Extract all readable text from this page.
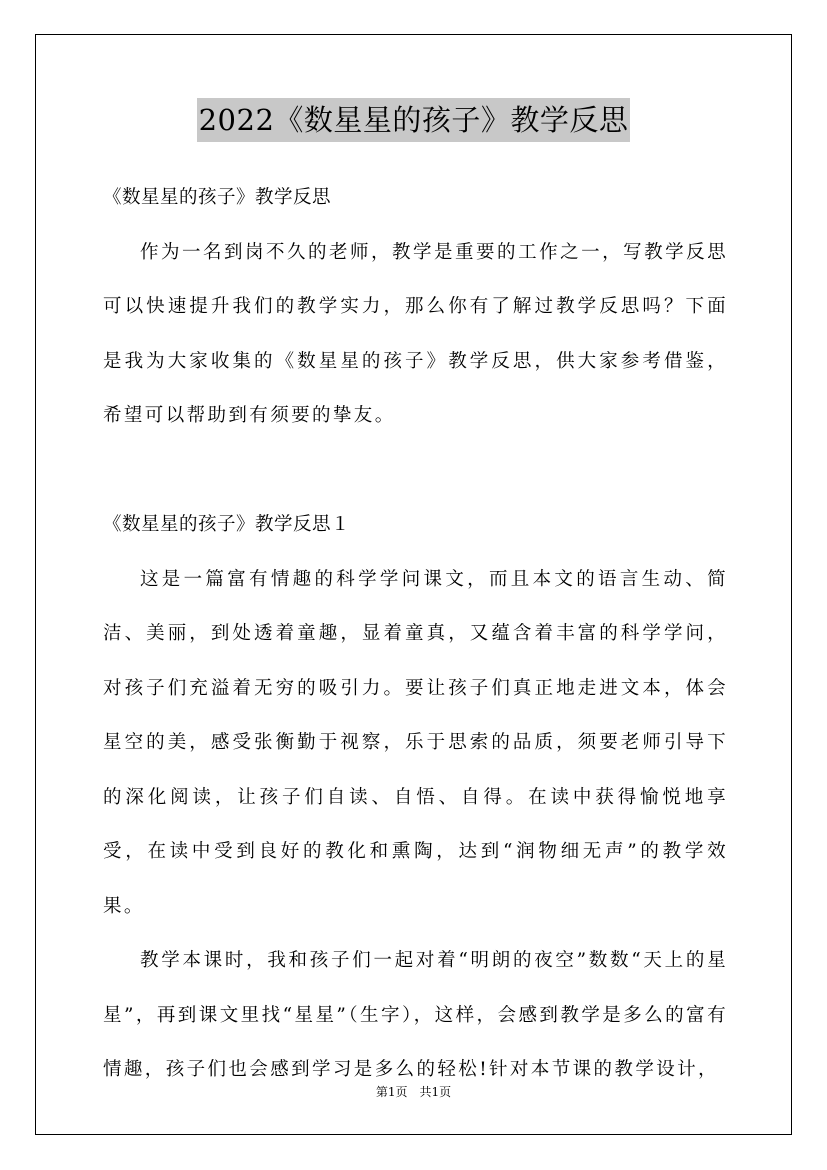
2022《数星星的孩子》教学反思

《数星星的孩子》教学反思

作为一名到岗不久的老师，教学是重要的工作之一，写教学反思可以快速提升我们的教学实力，那么你有了解过教学反思吗？下面是我为大家收集的《数星星的孩子》教学反思，供大家参考借鉴，希望可以帮助到有须要的挚友。

《数星星的孩子》教学反思１

这是一篇富有情趣的科学学问课文，而且本文的语言生动、简洁、美丽，到处透着童趣，显着童真，又蕴含着丰富的科学学问，对孩子们充溢着无穷的吸引力。要让孩子们真正地走进文本，体会星空的美，感受张衡勤于视察，乐于思索的品质，须要老师引导下的深化阅读，让孩子们自读、自悟、自得。在读中获得愉悦地享受，在读中受到良好的教化和熏陶，达到“润物细无声”的教学效果。

教学本课时，我和孩子们一起对着“明朗的夜空”数数“天上的星星”，再到课文里找“星星”（生字），这样，会感到教学是多么的富有情趣，孩子们也会感到学习是多么的轻松!针对本节课的教学设计，

第1页 共1页
